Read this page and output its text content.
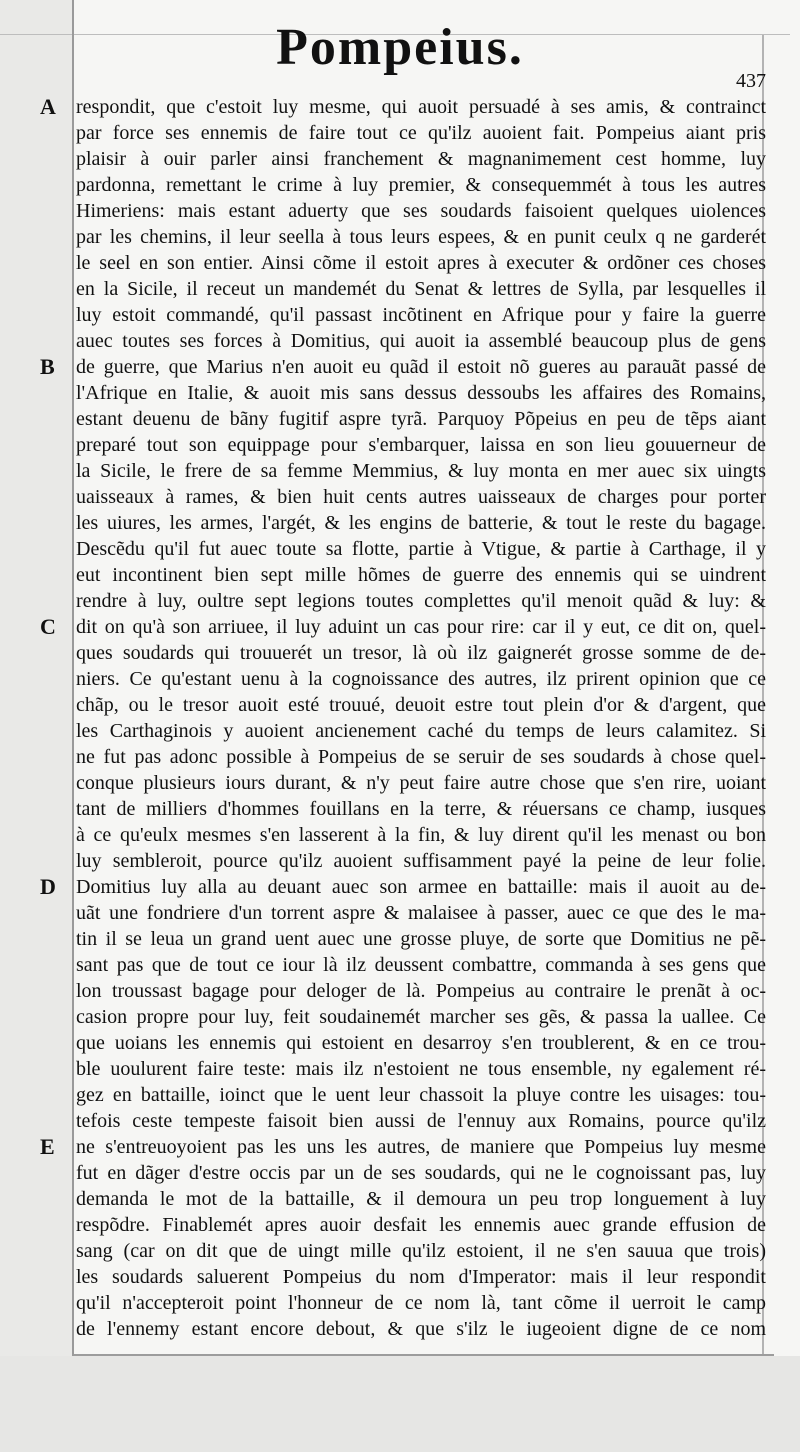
Pompeius.
437
A
B
C
D
E
respondit, que c'estoit luy mesme, qui auoit persuadé à ses amis, & contrainct
par force ses ennemis de faire tout ce qu'ilz auoient fait. Pompeius aiant pris
plaisir à ouir parler ainsi franchement & magnanimement cest homme, luy
pardonna, remettant le crime à luy premier, & consequemmét à tous les autres
Himeriens: mais estant aduerty que ses soudards faisoient quelques uiolences
par les chemins, il leur seella à tous leurs espees, & en punit ceulx q ne garderét
le seel en son entier. Ainsi cõme il estoit apres à executer & ordõner ces choses
en la Sicile, il receut un mandemét du Senat & lettres de Sylla, par lesquelles il
luy estoit commandé, qu'il passast incõtinent en Afrique pour y faire la guerre
auec toutes ses forces à Domitius, qui auoit ia assemblé beaucoup plus de gens
de guerre, que Marius n'en auoit eu quãd il estoit nõ gueres au parauãt passé de
l'Afrique en Italie, & auoit mis sans dessus dessoubs les affaires des Romains,
estant deuenu de bãny fugitif aspre tyrã. Parquoy Põpeius en peu de tẽps aiant
preparé tout son equippage pour s'embarquer, laissa en son lieu gouuerneur de
la Sicile, le frere de sa femme Memmius, & luy monta en mer auec six uingts
uaisseaux à rames, & bien huit cents autres uaisseaux de charges pour porter
les uiures, les armes, l'argét, & les engins de batterie, & tout le reste du bagage.
Descẽdu qu'il fut auec toute sa flotte, partie à Vtigue, & partie à Carthage, il y
eut incontinent bien sept mille hõmes de guerre des ennemis qui se uindrent
rendre à luy, oultre sept legions toutes complettes qu'il menoit quãd & luy: &
dit on qu'à son arriuee, il luy aduint un cas pour rire: car il y eut, ce dit on, quel-
ques soudards qui trouuerét un tresor, là où ilz gaignerét grosse somme de de-
niers. Ce qu'estant uenu à la cognoissance des autres, ilz prirent opinion que ce
chãp, ou le tresor auoit esté trouué, deuoit estre tout plein d'or & d'argent, que
les Carthaginois y auoient ancienement caché du temps de leurs calamitez. Si
ne fut pas adonc possible à Pompeius de se seruir de ses soudards à chose quel-
conque plusieurs iours durant, & n'y peut faire autre chose que s'en rire, uoiant
tant de milliers d'hommes fouillans en la terre, & réuersans ce champ, iusques
à ce qu'eulx mesmes s'en lasserent à la fin, & luy dirent qu'il les menast ou bon
luy sembleroit, pource qu'ilz auoient suffisamment payé la peine de leur folie.
Domitius luy alla au deuant auec son armee en battaille: mais il auoit au de-
uãt une fondriere d'un torrent aspre & malaisee à passer, auec ce que des le ma-
tin il se leua un grand uent auec une grosse pluye, de sorte que Domitius ne pẽ-
sant pas que de tout ce iour là ilz deussent combattre, commanda à ses gens que
lon troussast bagage pour deloger de là. Pompeius au contraire le prenãt à oc-
casion propre pour luy, feit soudainemét marcher ses gẽs, & passa la uallee. Ce
que uoians les ennemis qui estoient en desarroy s'en troublerent, & en ce trou-
ble uoulurent faire teste: mais ilz n'estoient ne tous ensemble, ny egalement ré-
gez en battaille, ioinct que le uent leur chassoit la pluye contre les uisages: tou-
tefois ceste tempeste faisoit bien aussi de l'ennuy aux Romains, pource qu'ilz
ne s'entreuoyoient pas les uns les autres, de maniere que Pompeius luy mesme
fut en dãger d'estre occis par un de ses soudards, qui ne le cognoissant pas, luy
demanda le mot de la battaille, & il demoura un peu trop longuement à luy
respõdre. Finablemét apres auoir desfait les ennemis auec grande effusion de
sang (car on dit que de uingt mille qu'ilz estoient, il ne s'en sauua que trois)
les soudards saluerent Pompeius du nom d'Imperator: mais il leur respondit
qu'il n'accepteroit point l'honneur de ce nom là, tant cõme il uerroit le camp
de l'ennemy estant encore debout, & que s'ilz le iugeoient digne de ce nom
